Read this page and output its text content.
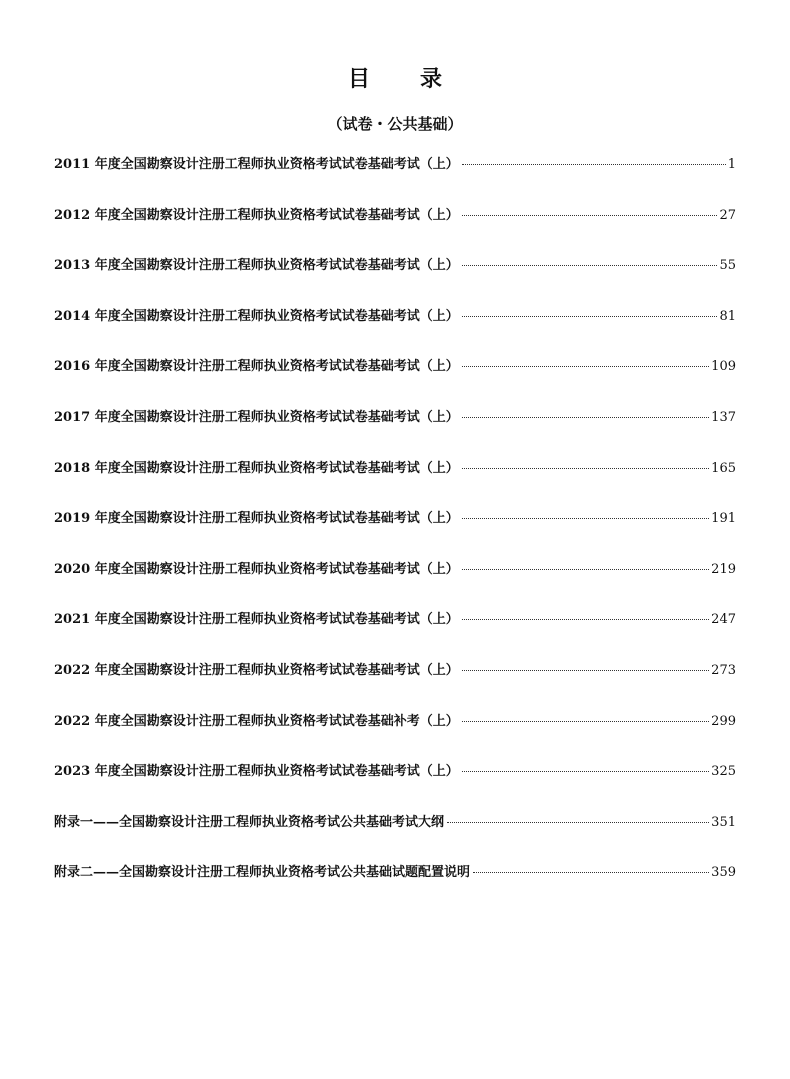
目　录
（试卷・公共基础）
2011 年度全国勘察设计注册工程师执业资格考试试卷基础考试（上）	1
2012 年度全国勘察设计注册工程师执业资格考试试卷基础考试（上）	27
2013 年度全国勘察设计注册工程师执业资格考试试卷基础考试（上）	55
2014 年度全国勘察设计注册工程师执业资格考试试卷基础考试（上）	81
2016 年度全国勘察设计注册工程师执业资格考试试卷基础考试（上）	109
2017 年度全国勘察设计注册工程师执业资格考试试卷基础考试（上）	137
2018 年度全国勘察设计注册工程师执业资格考试试卷基础考试（上）	165
2019 年度全国勘察设计注册工程师执业资格考试试卷基础考试（上）	191
2020 年度全国勘察设计注册工程师执业资格考试试卷基础考试（上）	219
2021 年度全国勘察设计注册工程师执业资格考试试卷基础考试（上）	247
2022 年度全国勘察设计注册工程师执业资格考试试卷基础考试（上）	273
2022 年度全国勘察设计注册工程师执业资格考试试卷基础补考（上）	299
2023 年度全国勘察设计注册工程师执业资格考试试卷基础考试（上）	325
附录一——全国勘察设计注册工程师执业资格考试公共基础考试大纲	351
附录二——全国勘察设计注册工程师执业资格考试公共基础试题配置说明	359
